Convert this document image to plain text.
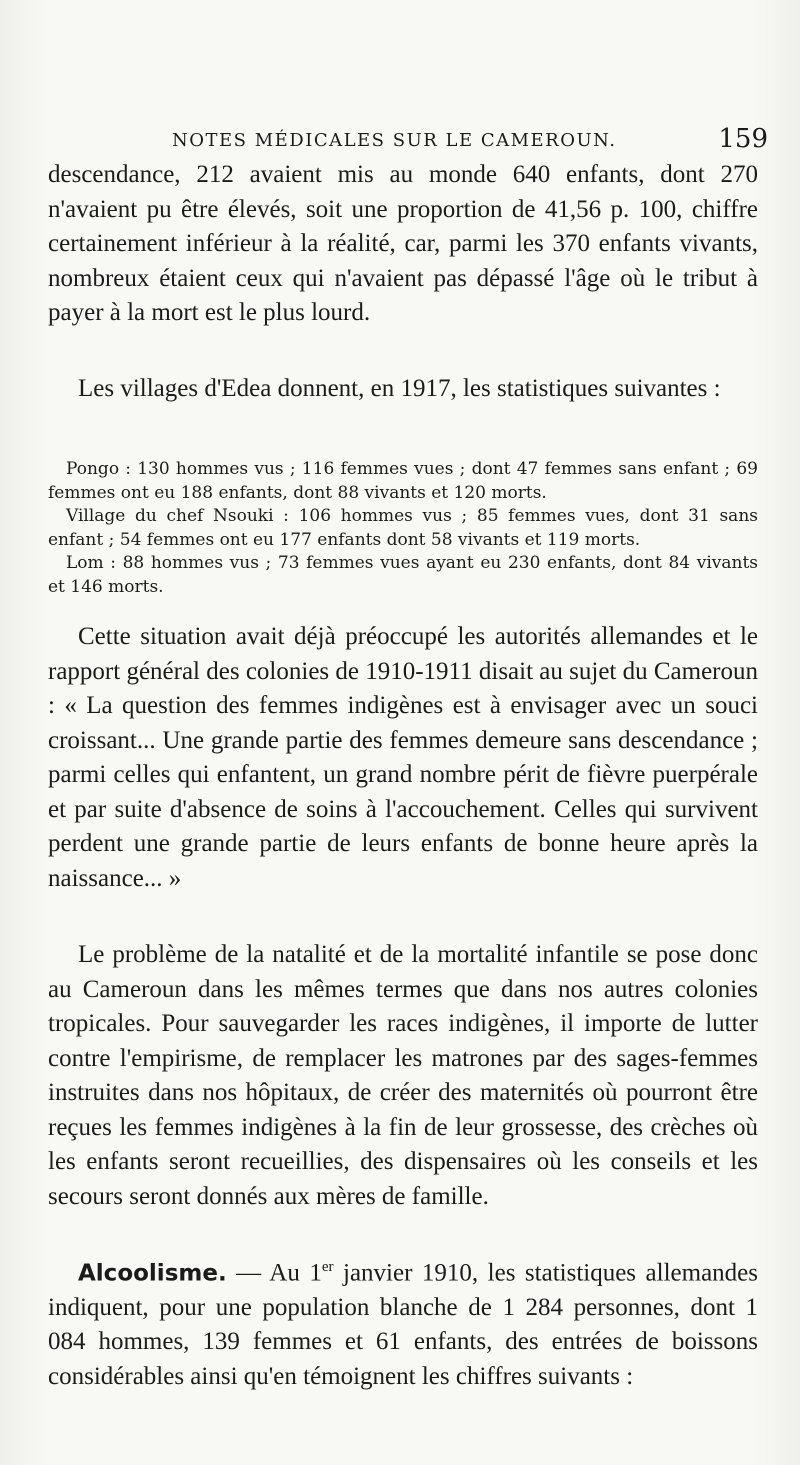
NOTES MÉDICALES SUR LE CAMEROUN.	159

descendance, 212 avaient mis au monde 640 enfants, dont 270 n'avaient pu être élevés, soit une proportion de 41,56 p. 100, chiffre certainement inférieur à la réalité, car, parmi les 370 enfants vivants, nombreux étaient ceux qui n'avaient pas dépassé l'âge où le tribut à payer à la mort est le plus lourd.

Les villages d'Edea donnent, en 1917, les statistiques suivantes :

Pongo : 130 hommes vus ; 116 femmes vues ; dont 47 femmes sans enfant ; 69 femmes ont eu 188 enfants, dont 88 vivants et 120 morts.

Village du chef Nsouki : 106 hommes vus ; 85 femmes vues, dont 31 sans enfant ; 54 femmes ont eu 177 enfants dont 58 vivants et 119 morts.

Lom : 88 hommes vus ; 73 femmes vues ayant eu 230 enfants, dont 84 vivants et 146 morts.

Cette situation avait déjà préoccupé les autorités allemandes et le rapport général des colonies de 1910-1911 disait au sujet du Cameroun : « La question des femmes indigènes est à envisager avec un souci croissant... Une grande partie des femmes demeure sans descendance ; parmi celles qui enfantent, un grand nombre périt de fièvre puerpérale et par suite d'absence de soins à l'accouchement. Celles qui survivent perdent une grande partie de leurs enfants de bonne heure après la naissance... »

Le problème de la natalité et de la mortalité infantile se pose donc au Cameroun dans les mêmes termes que dans nos autres colonies tropicales. Pour sauvegarder les races indigènes, il importe de lutter contre l'empirisme, de remplacer les matrones par des sages-femmes instruites dans nos hôpitaux, de créer des maternités où pourront être reçues les femmes indigènes à la fin de leur grossesse, des crèches où les enfants seront recueillies, des dispensaires où les conseils et les secours seront donnés aux mères de famille.

Alcoolisme. — Au 1er janvier 1910, les statistiques allemandes indiquent, pour une population blanche de 1 284 personnes, dont 1 084 hommes, 139 femmes et 61 enfants, des entrées de boissons considérables ainsi qu'en témoignent les chiffres suivants :
